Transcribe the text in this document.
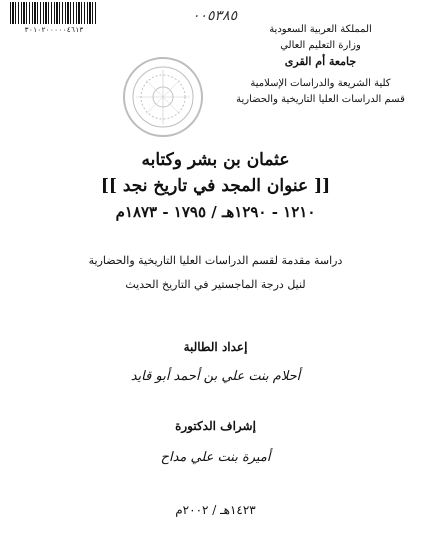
٣٠١٠٢٠٠٠٠٠٤٦١٣
٠٠٥٣٨٥
المملكة العربية السعودية
وزارة التعليم العالي
جامعة أم القرى
كلية الشريعة والدراسات الإسلامية
قسم الدراسات العليا التاريخية والحضارية
عثمان بن بشر وكتابه
[[ عنوان المجد في تاريخ نجد ]]
١٢١٠ - ١٢٩٠هـ / ١٧٩٥ - ١٨٧٣م
دراسة مقدمة لقسم الدراسات العليا التاريخية والحضارية
لنيل درجة الماجستير في التاريخ الحديث
إعداد الطالبة
أحلام بنت علي بن أحمد أبو قايد
إشراف الدكتورة
أميرة بنت علي مداح
١٤٢٣هـ / ٢٠٠٢م
